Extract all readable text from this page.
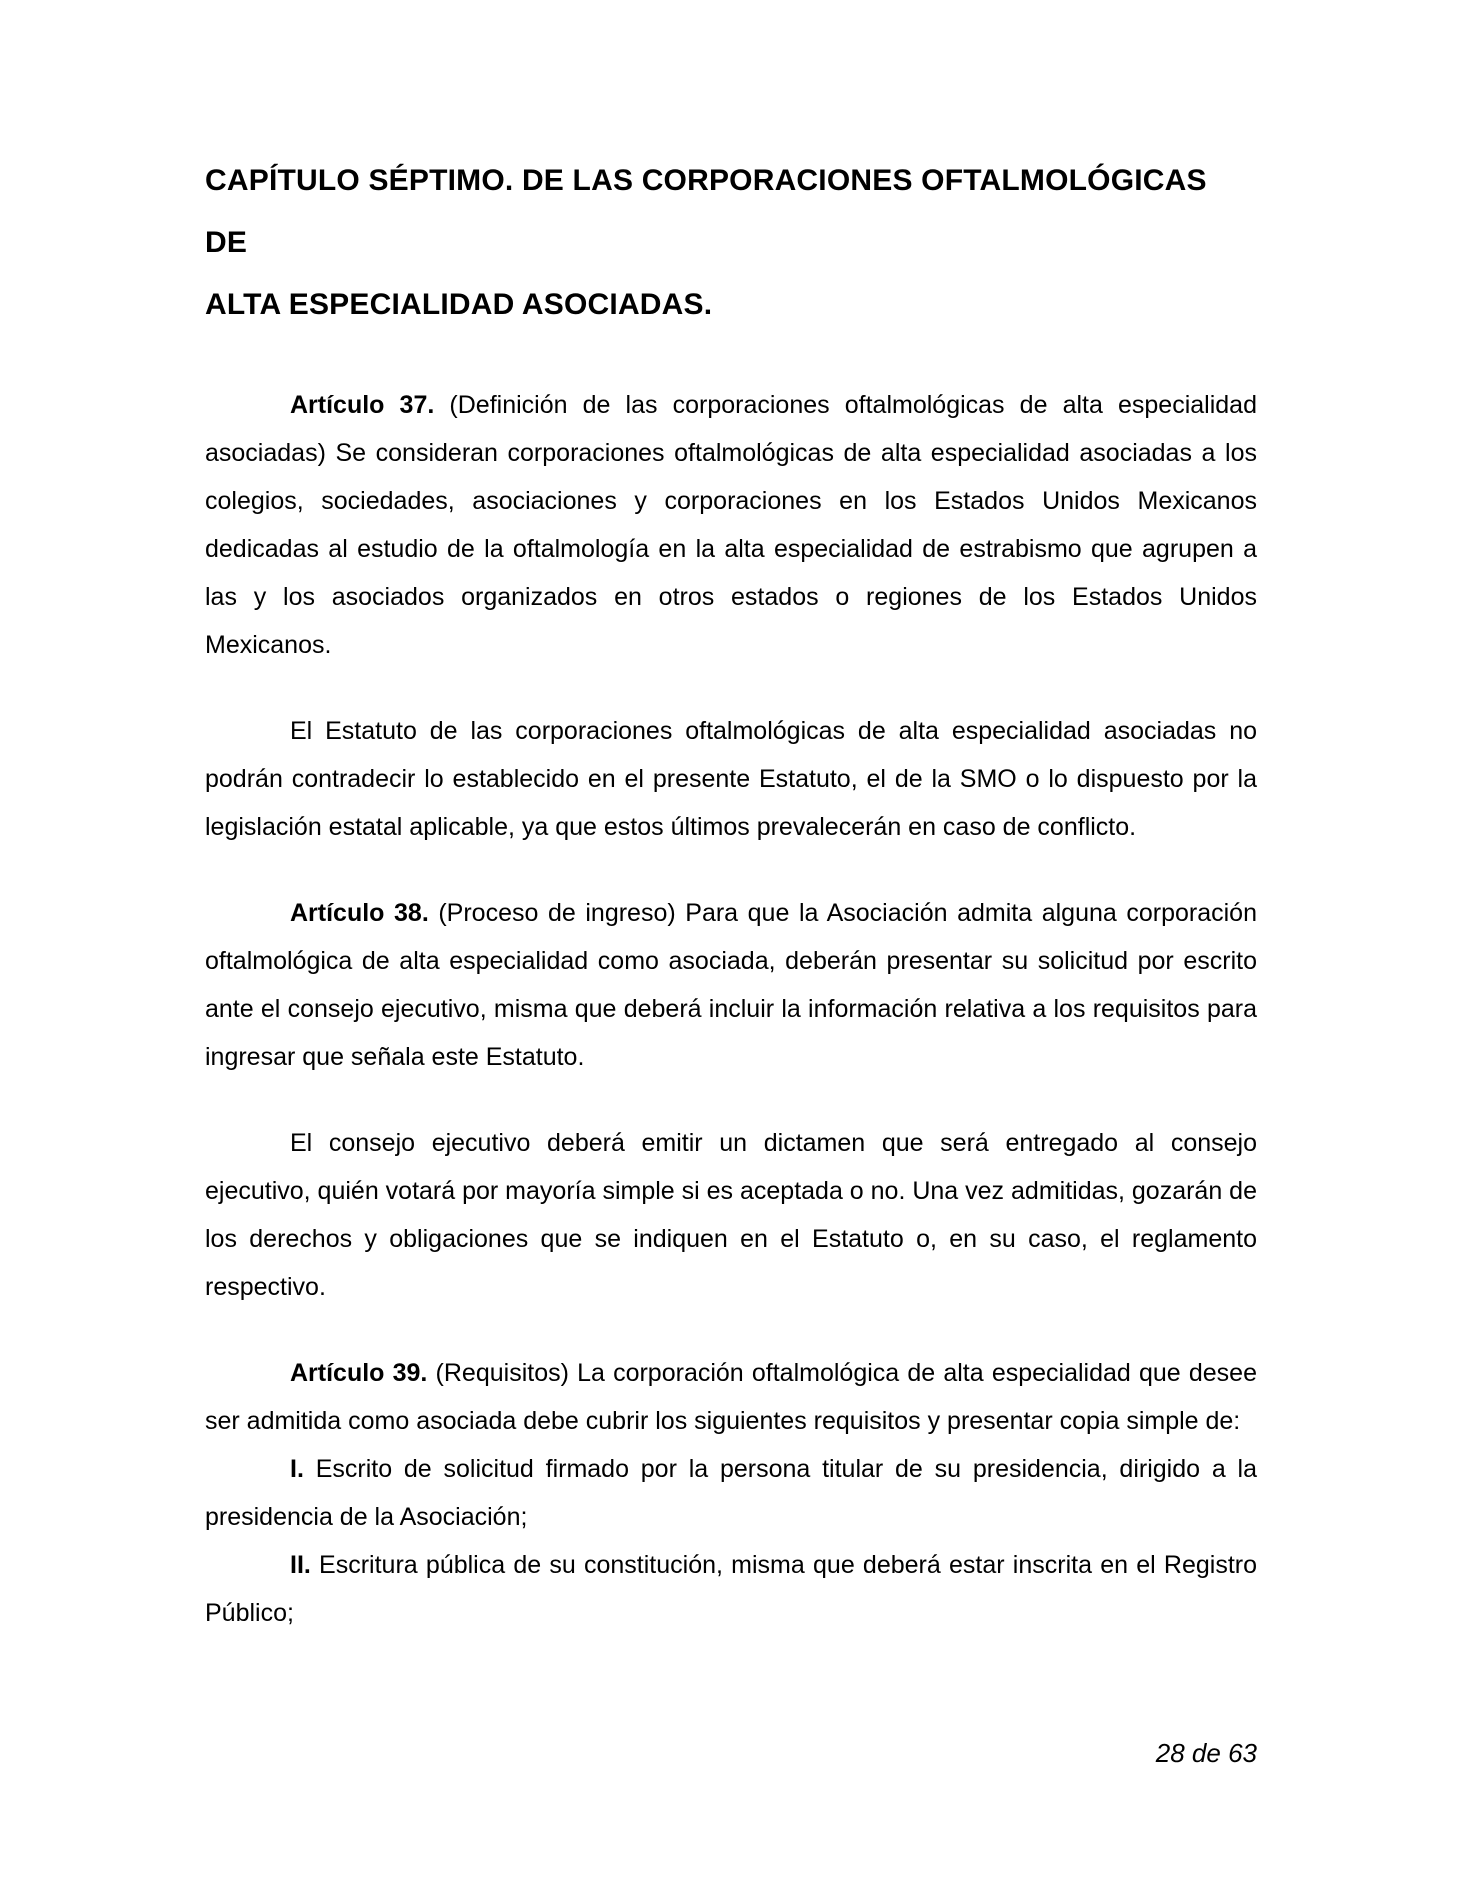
CAPÍTULO SÉPTIMO. DE LAS CORPORACIONES OFTALMOLÓGICAS DE
ALTA ESPECIALIDAD ASOCIADAS.

Artículo 37. (Definición de las corporaciones oftalmológicas de alta especialidad asociadas) Se consideran corporaciones oftalmológicas de alta especialidad asociadas a los colegios, sociedades, asociaciones y corporaciones en los Estados Unidos Mexicanos dedicadas al estudio de la oftalmología en la alta especialidad de estrabismo que agrupen a las y los asociados organizados en otros estados o regiones de los Estados Unidos Mexicanos.

El Estatuto de las corporaciones oftalmológicas de alta especialidad asociadas no podrán contradecir lo establecido en el presente Estatuto, el de la SMO o lo dispuesto por la legislación estatal aplicable, ya que estos últimos prevalecerán en caso de conflicto.

Artículo 38. (Proceso de ingreso) Para que la Asociación admita alguna corporación oftalmológica de alta especialidad como asociada, deberán presentar su solicitud por escrito ante el consejo ejecutivo, misma que deberá incluir la información relativa a los requisitos para ingresar que señala este Estatuto.

El consejo ejecutivo deberá emitir un dictamen que será entregado al consejo ejecutivo, quién votará por mayoría simple si es aceptada o no. Una vez admitidas, gozarán de los derechos y obligaciones que se indiquen en el Estatuto o, en su caso, el reglamento respectivo.

Artículo 39. (Requisitos) La corporación oftalmológica de alta especialidad que desee ser admitida como asociada debe cubrir los siguientes requisitos y presentar copia simple de:

I. Escrito de solicitud firmado por la persona titular de su presidencia, dirigido a la presidencia de la Asociación;

II. Escritura pública de su constitución, misma que deberá estar inscrita en el Registro Público;

28 de 63
